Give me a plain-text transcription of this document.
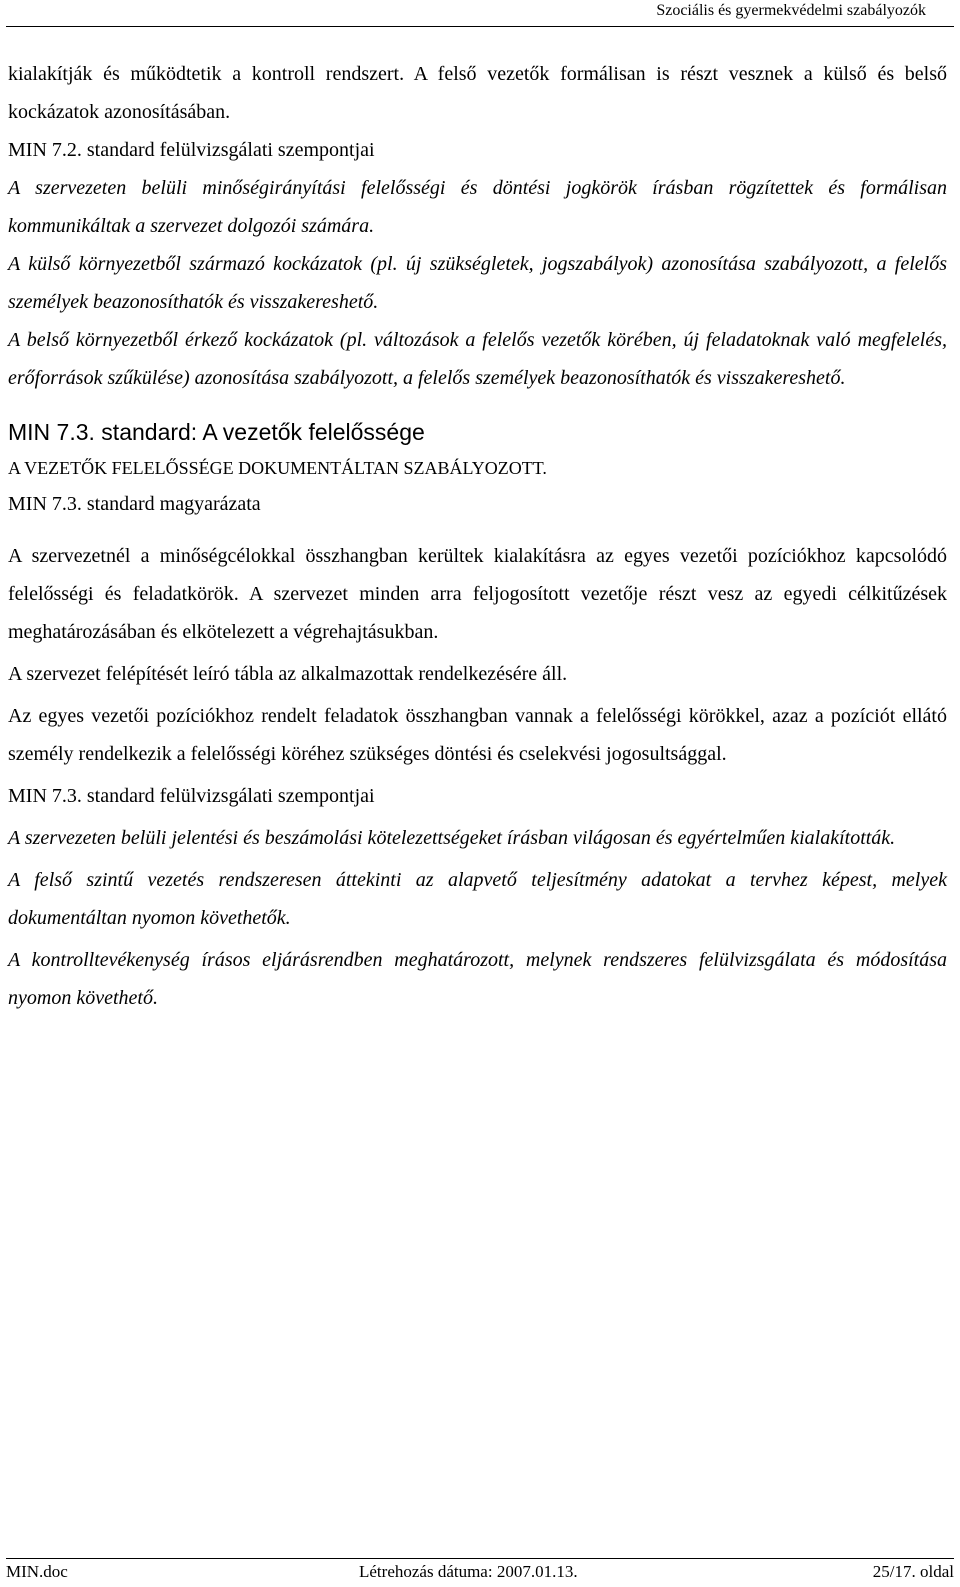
Szociális és gyermekvédelmi szabályozók

kialakítják és működtetik a kontroll rendszert. A felső vezetők formálisan is részt vesznek a külső és belső kockázatok azonosításában.

MIN 7.2. standard felülvizsgálati szempontjai

A szervezeten belüli minőségirányítási felelősségi és döntési jogkörök írásban rögzítettek és formálisan kommunikáltak a szervezet dolgozói számára.

A külső környezetből származó kockázatok (pl. új szükségletek, jogszabályok) azonosítása szabályozott, a felelős személyek beazonosíthatók és visszakereshető.

A belső környezetből érkező kockázatok (pl. változások a felelős vezetők körében, új feladatoknak való megfelelés, erőforrások szűkülése) azonosítása szabályozott, a felelős személyek beazonosíthatók és visszakereshető.

MIN 7.3. standard: A vezetők felelőssége

A VEZETŐK FELELŐSSÉGE DOKUMENTÁLTAN SZABÁLYOZOTT.

MIN 7.3. standard magyarázata

A szervezetnél a minőségcélokkal összhangban kerültek kialakításra az egyes vezetői pozíciókhoz kapcsolódó felelősségi és feladatkörök. A szervezet minden arra feljogosított vezetője részt vesz az egyedi célkitűzések meghatározásában és elkötelezett a végrehajtásukban.

A szervezet felépítését leíró tábla az alkalmazottak rendelkezésére áll.

Az egyes vezetői pozíciókhoz rendelt feladatok összhangban vannak a felelősségi körökkel, azaz a pozíciót ellátó személy rendelkezik a felelősségi köréhez szükséges döntési és cselekvési jogosultsággal.

MIN 7.3. standard felülvizsgálati szempontjai

A szervezeten belüli jelentési és beszámolási kötelezettségeket írásban világosan és egyértelműen kialakították.

A felső szintű vezetés rendszeresen áttekinti az alapvető teljesítmény adatokat a tervhez képest, melyek dokumentáltan nyomon követhetők.

A kontrolltevékenység írásos eljárásrendben meghatározott, melynek rendszeres felülvizsgálata és módosítása nyomon követhető.

MIN.doc	Létrehozás dátuma: 2007.01.13.	25/17. oldal
